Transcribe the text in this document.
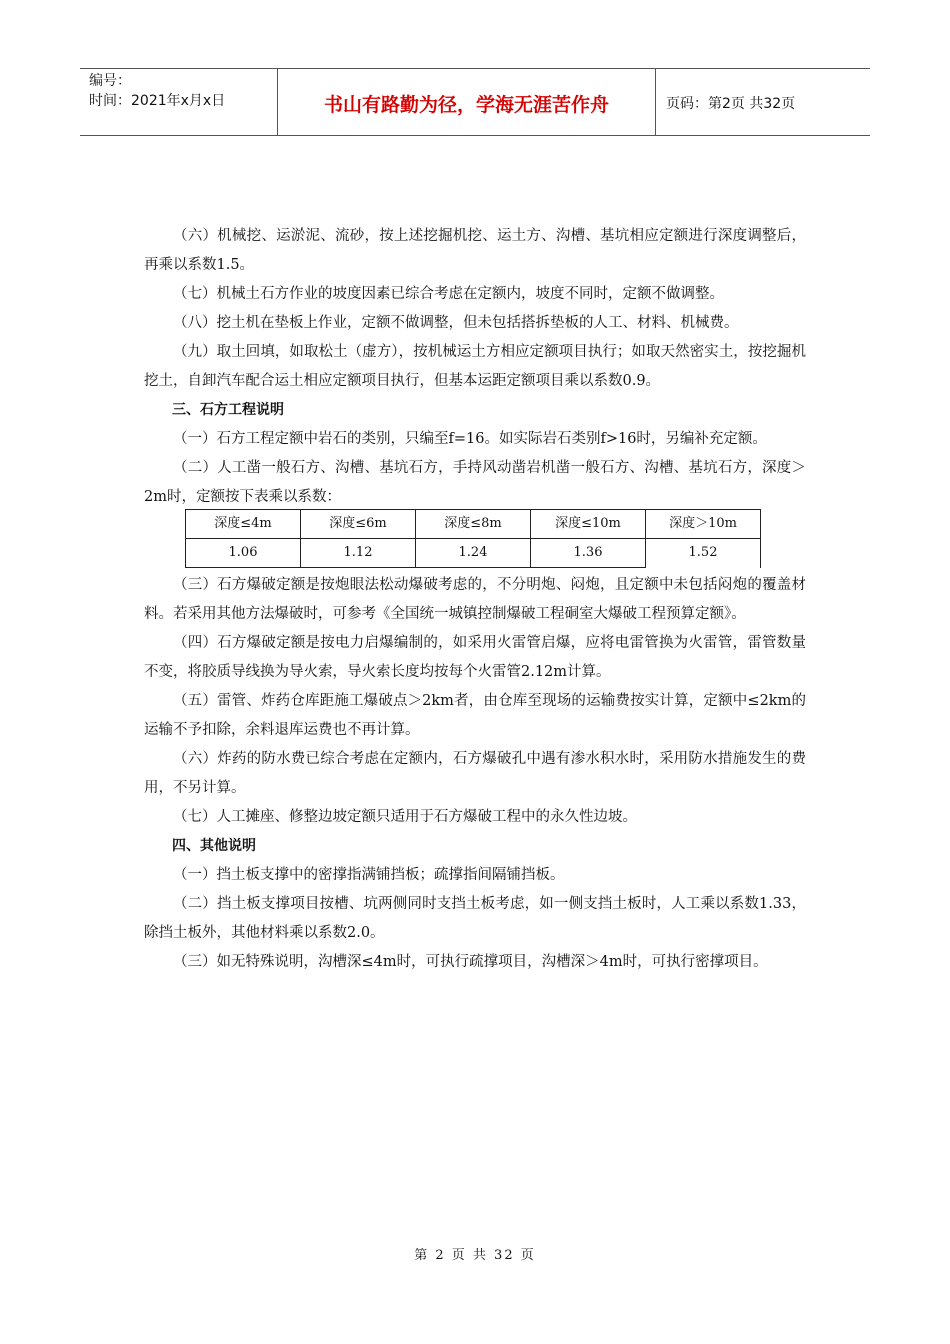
编号：
时间：2021年x月x日	书山有路勤为径，学海无涯苦作舟	页码：第2页 共32页

（六）机械挖、运淤泥、流砂，按上述挖掘机挖、运土方、沟槽、基坑相应定额进行深度调整后，再乘以系数1.5。

（七）机械土石方作业的坡度因素已综合考虑在定额内，坡度不同时，定额不做调整。

（八）挖土机在垫板上作业，定额不做调整，但未包括搭拆垫板的人工、材料、机械费。

（九）取土回填，如取松土（虚方），按机械运土方相应定额项目执行；如取天然密实土，按挖掘机挖土，自卸汽车配合运土相应定额项目执行，但基本运距定额项目乘以系数0.9。

三、石方工程说明

（一）石方工程定额中岩石的类别，只编至f=16。如实际岩石类别f>16时，另编补充定额。

（二）人工凿一般石方、沟槽、基坑石方，手持风动凿岩机凿一般石方、沟槽、基坑石方，深度＞2m时，定额按下表乘以系数：

深度≤4m	深度≤6m	深度≤8m	深度≤10m	深度＞10m
1.06	1.12	1.24	1.36	1.52

（三）石方爆破定额是按炮眼法松动爆破考虑的，不分明炮、闷炮，且定额中未包括闷炮的覆盖材料。若采用其他方法爆破时，可参考《全国统一城镇控制爆破工程硐室大爆破工程预算定额》。

（四）石方爆破定额是按电力启爆编制的，如采用火雷管启爆，应将电雷管换为火雷管，雷管数量不变，将胶质导线换为导火索，导火索长度均按每个火雷管2.12m计算。

（五）雷管、炸药仓库距施工爆破点＞2km者，由仓库至现场的运输费按实计算，定额中≤2km的运输不予扣除，余料退库运费也不再计算。

（六）炸药的防水费已综合考虑在定额内，石方爆破孔中遇有渗水积水时，采用防水措施发生的费用，不另计算。

（七）人工摊座、修整边坡定额只适用于石方爆破工程中的永久性边坡。

四、其他说明

（一）挡土板支撑中的密撑指满铺挡板；疏撑指间隔铺挡板。

（二）挡土板支撑项目按槽、坑两侧同时支挡土板考虑，如一侧支挡土板时，人工乘以系数1.33， 除挡土板外，其他材料乘以系数2.0。

（三）如无特殊说明，沟槽深≤4m时，可执行疏撑项目，沟槽深＞4m时，可执行密撑项目。

第 2 页 共 32 页
